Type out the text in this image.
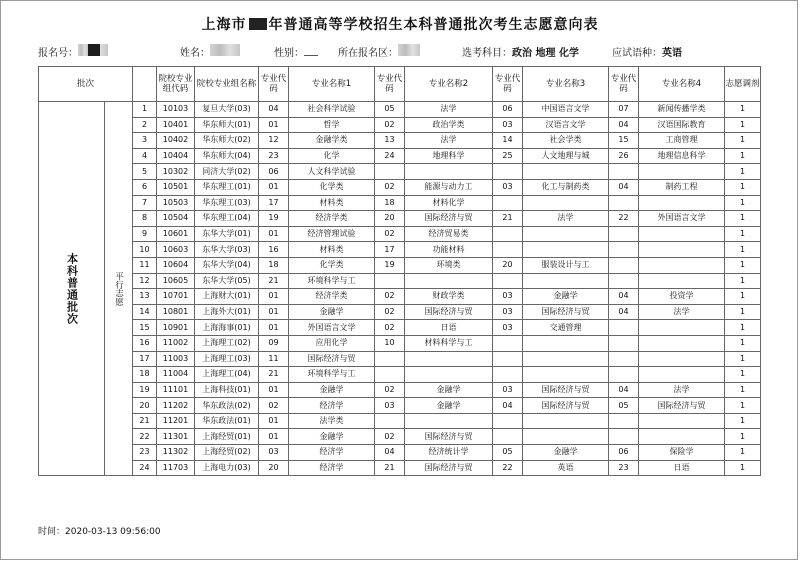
上海市 年普通高等学校招生本科普通批次考生志愿意向表
报名号：	姓名：	性别：	所在报名区：	选考科目：政治 地理 化学	应试语种：英语
批次			院校专业组代码	院校专业组名称	专业代码	专业名称1	专业代码	专业名称2	专业代码	专业名称3	专业代码	专业名称4	志愿调剂
本科普通批次	平行志愿	1	10103	复旦大学(03)	04	社会科学试验	05	法学	06	中国语言文学	07	新闻传播学类	1
		2	10401	华东师大(01)	01	哲学	02	政治学类	03	汉语言文学	04	汉语国际教育	1
		3	10402	华东师大(02)	12	金融学类	13	法学	14	社会学类	15	工商管理	1
		4	10404	华东师大(04)	23	化学	24	地理科学	25	人文地理与城	26	地理信息科学	1
		5	10302	同济大学(02)	06	人文科学试验							1
		6	10501	华东理工(01)	01	化学类	02	能源与动力工	03	化工与制药类	04	制药工程	1
		7	10503	华东理工(03)	17	材料类	18	材料化学					1
		8	10504	华东理工(04)	19	经济学类	20	国际经济与贸	21	法学	22	外国语言文学	1
		9	10601	东华大学(01)	01	经济管理试验	02	经济贸易类					1
		10	10603	东华大学(03)	16	材料类	17	功能材料					1
		11	10604	东华大学(04)	18	化学类	19	环境类	20	服装设计与工			1
		12	10605	东华大学(05)	21	环境科学与工							1
		13	10701	上海财大(01)	01	经济学类	02	财政学类	03	金融学	04	投资学	1
		14	10801	上海外大(01)	01	金融学	02	国际经济与贸	03	国际经济与贸	04	法学	1
		15	10901	上海海事(01)	01	外国语言文学	02	日语	03	交通管理			1
		16	11002	上海理工(02)	09	应用化学	10	材料科学与工					1
		17	11003	上海理工(03)	11	国际经济与贸							1
		18	11004	上海理工(04)	21	环境科学与工							1
		19	11101	上海科技(01)	01	金融学	02	金融学	03	国际经济与贸	04	法学	1
		20	11202	华东政法(02)	02	经济学	03	金融学	04	国际经济与贸	05	国际经济与贸	1
		21	11201	华东政法(01)	01	法学类							1
		22	11301	上海经贸(01)	01	金融学	02	国际经济与贸					1
		23	11302	上海经贸(02)	03	经济学	04	经济统计学	05	金融学	06	保险学	1
		24	11703	上海电力(03)	20	经济学	21	国际经济与贸	22	英语	23	日语	1
时间：2020-03-13 09:56:00
